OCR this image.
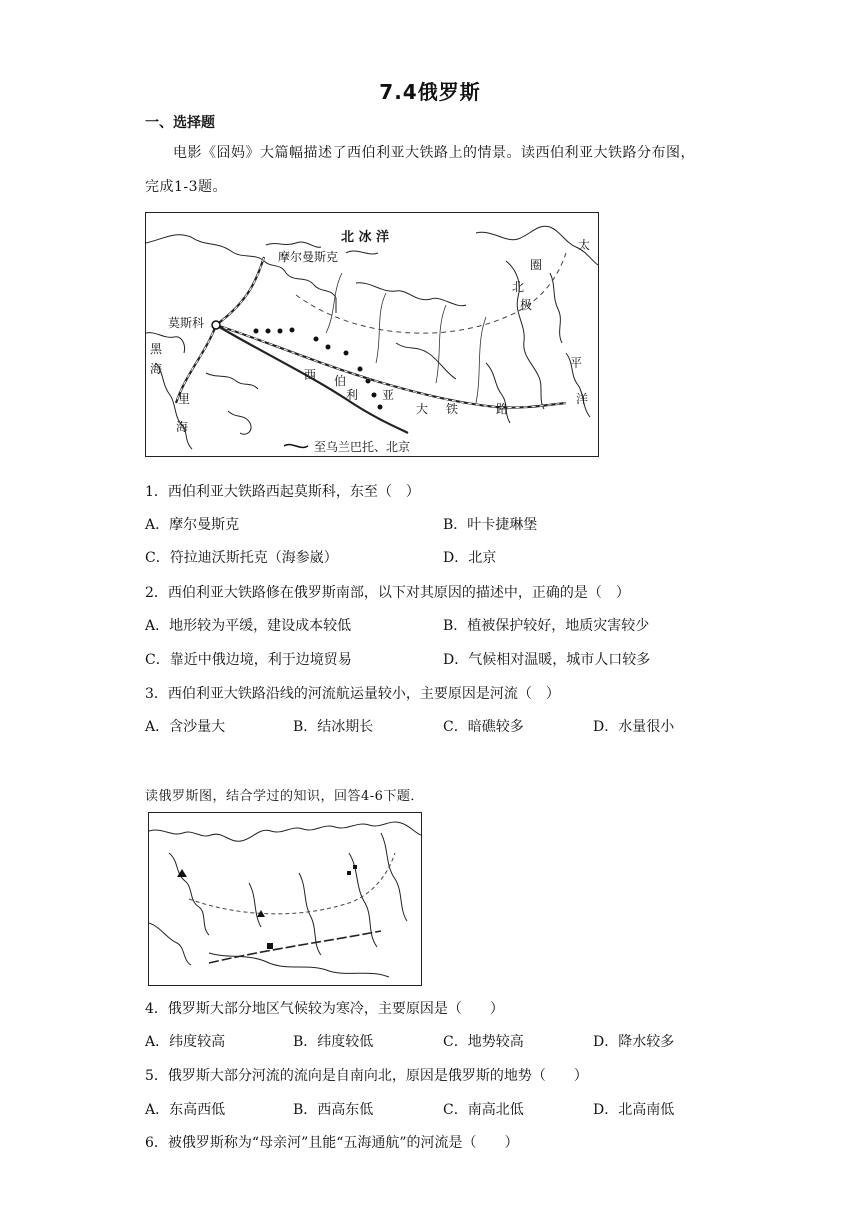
7.4俄罗斯
一、选择题
电影《囧妈》大篇幅描述了西伯利亚大铁路上的情景。读西伯利亚大铁路分布图，
完成1-3题。
北 冰 洋
摩尔曼斯克
莫斯科
黑
海
里
海
西 伯
利 亚
大 铁	路
北
极
圈
太
平
洋
至乌兰巴托、北京
1．西伯利亚大铁路西起莫斯科，东至（　）
A．摩尔曼斯克	B．叶卡捷琳堡
C．符拉迪沃斯托克（海参崴）	D．北京
2．西伯利亚大铁路修在俄罗斯南部，以下对其原因的描述中，正确的是（　）
A．地形较为平缓，建设成本较低	B．植被保护较好，地质灾害较少
C．靠近中俄边境，利于边境贸易	D．气候相对温暖，城市人口较多
3．西伯利亚大铁路沿线的河流航运量较小，主要原因是河流（　）
A．含沙量大	B．结冰期长	C．暗礁较多	D．水量很小
读俄罗斯图，结合学过的知识，回答4-6下题．
4．俄罗斯大部分地区气候较为寒冷，主要原因是（　　）
A．纬度较高	B．纬度较低	C．地势较高	D．降水较多
5．俄罗斯大部分河流的流向是自南向北，原因是俄罗斯的地势（　　）
A．东高西低	B．西高东低	C．南高北低	D．北高南低
6．被俄罗斯称为“母亲河”且能“五海通航”的河流是（　　）
